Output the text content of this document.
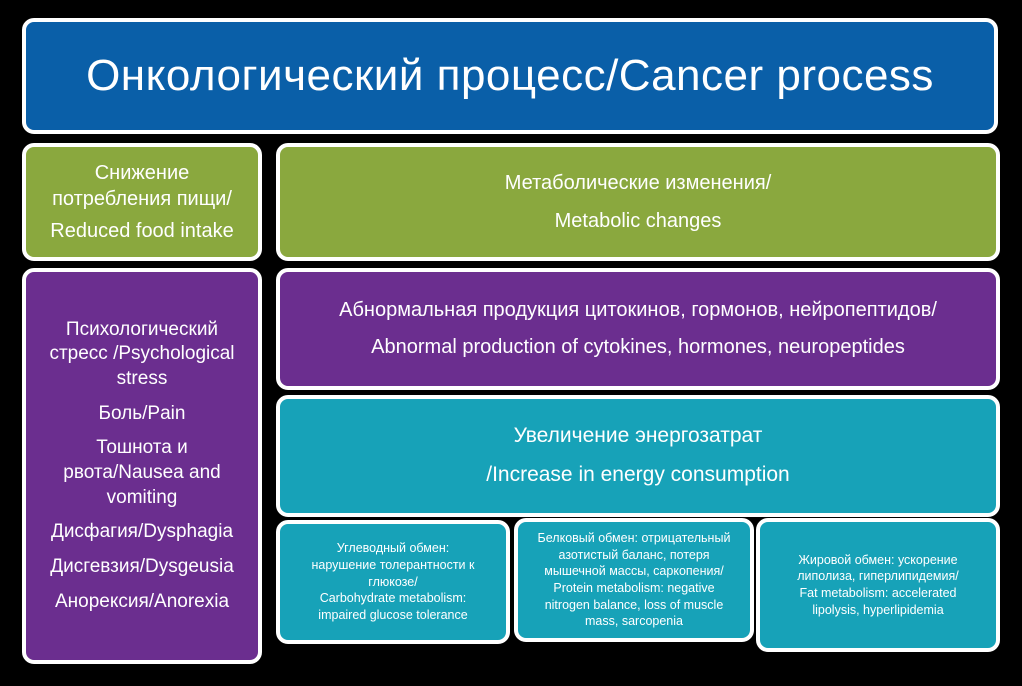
Онкологический процесс/Cancer process
Снижение
потребления пищи/
Reduced food intake
Метаболические изменения/
Metabolic changes
Психологический
стресс /Psychological
stress
Боль/Pain
Тошнота и
рвота/Nausea and
vomiting
Дисфагия/Dysphagia
Дисгевзия/Dysgeusia
Анорексия/Anorexia
Абнормальная продукция цитокинов, гормонов, нейропептидов/
Abnormal production of cytokines, hormones, neuropeptides
Увеличение энергозатрат
/Increase in energy consumption
Углеводный обмен:
нарушение толерантности к
глюкозе/
Carbohydrate metabolism:
impaired glucose tolerance
Белковый обмен: отрицательный
азотистый баланс, потеря
мышечной массы, саркопения/
Protein metabolism: negative
nitrogen balance, loss of muscle
mass, sarcopenia
Жировой обмен: ускорение
липолиза, гиперлипидемия/
Fat metabolism: accelerated
lipolysis, hyperlipidemia
